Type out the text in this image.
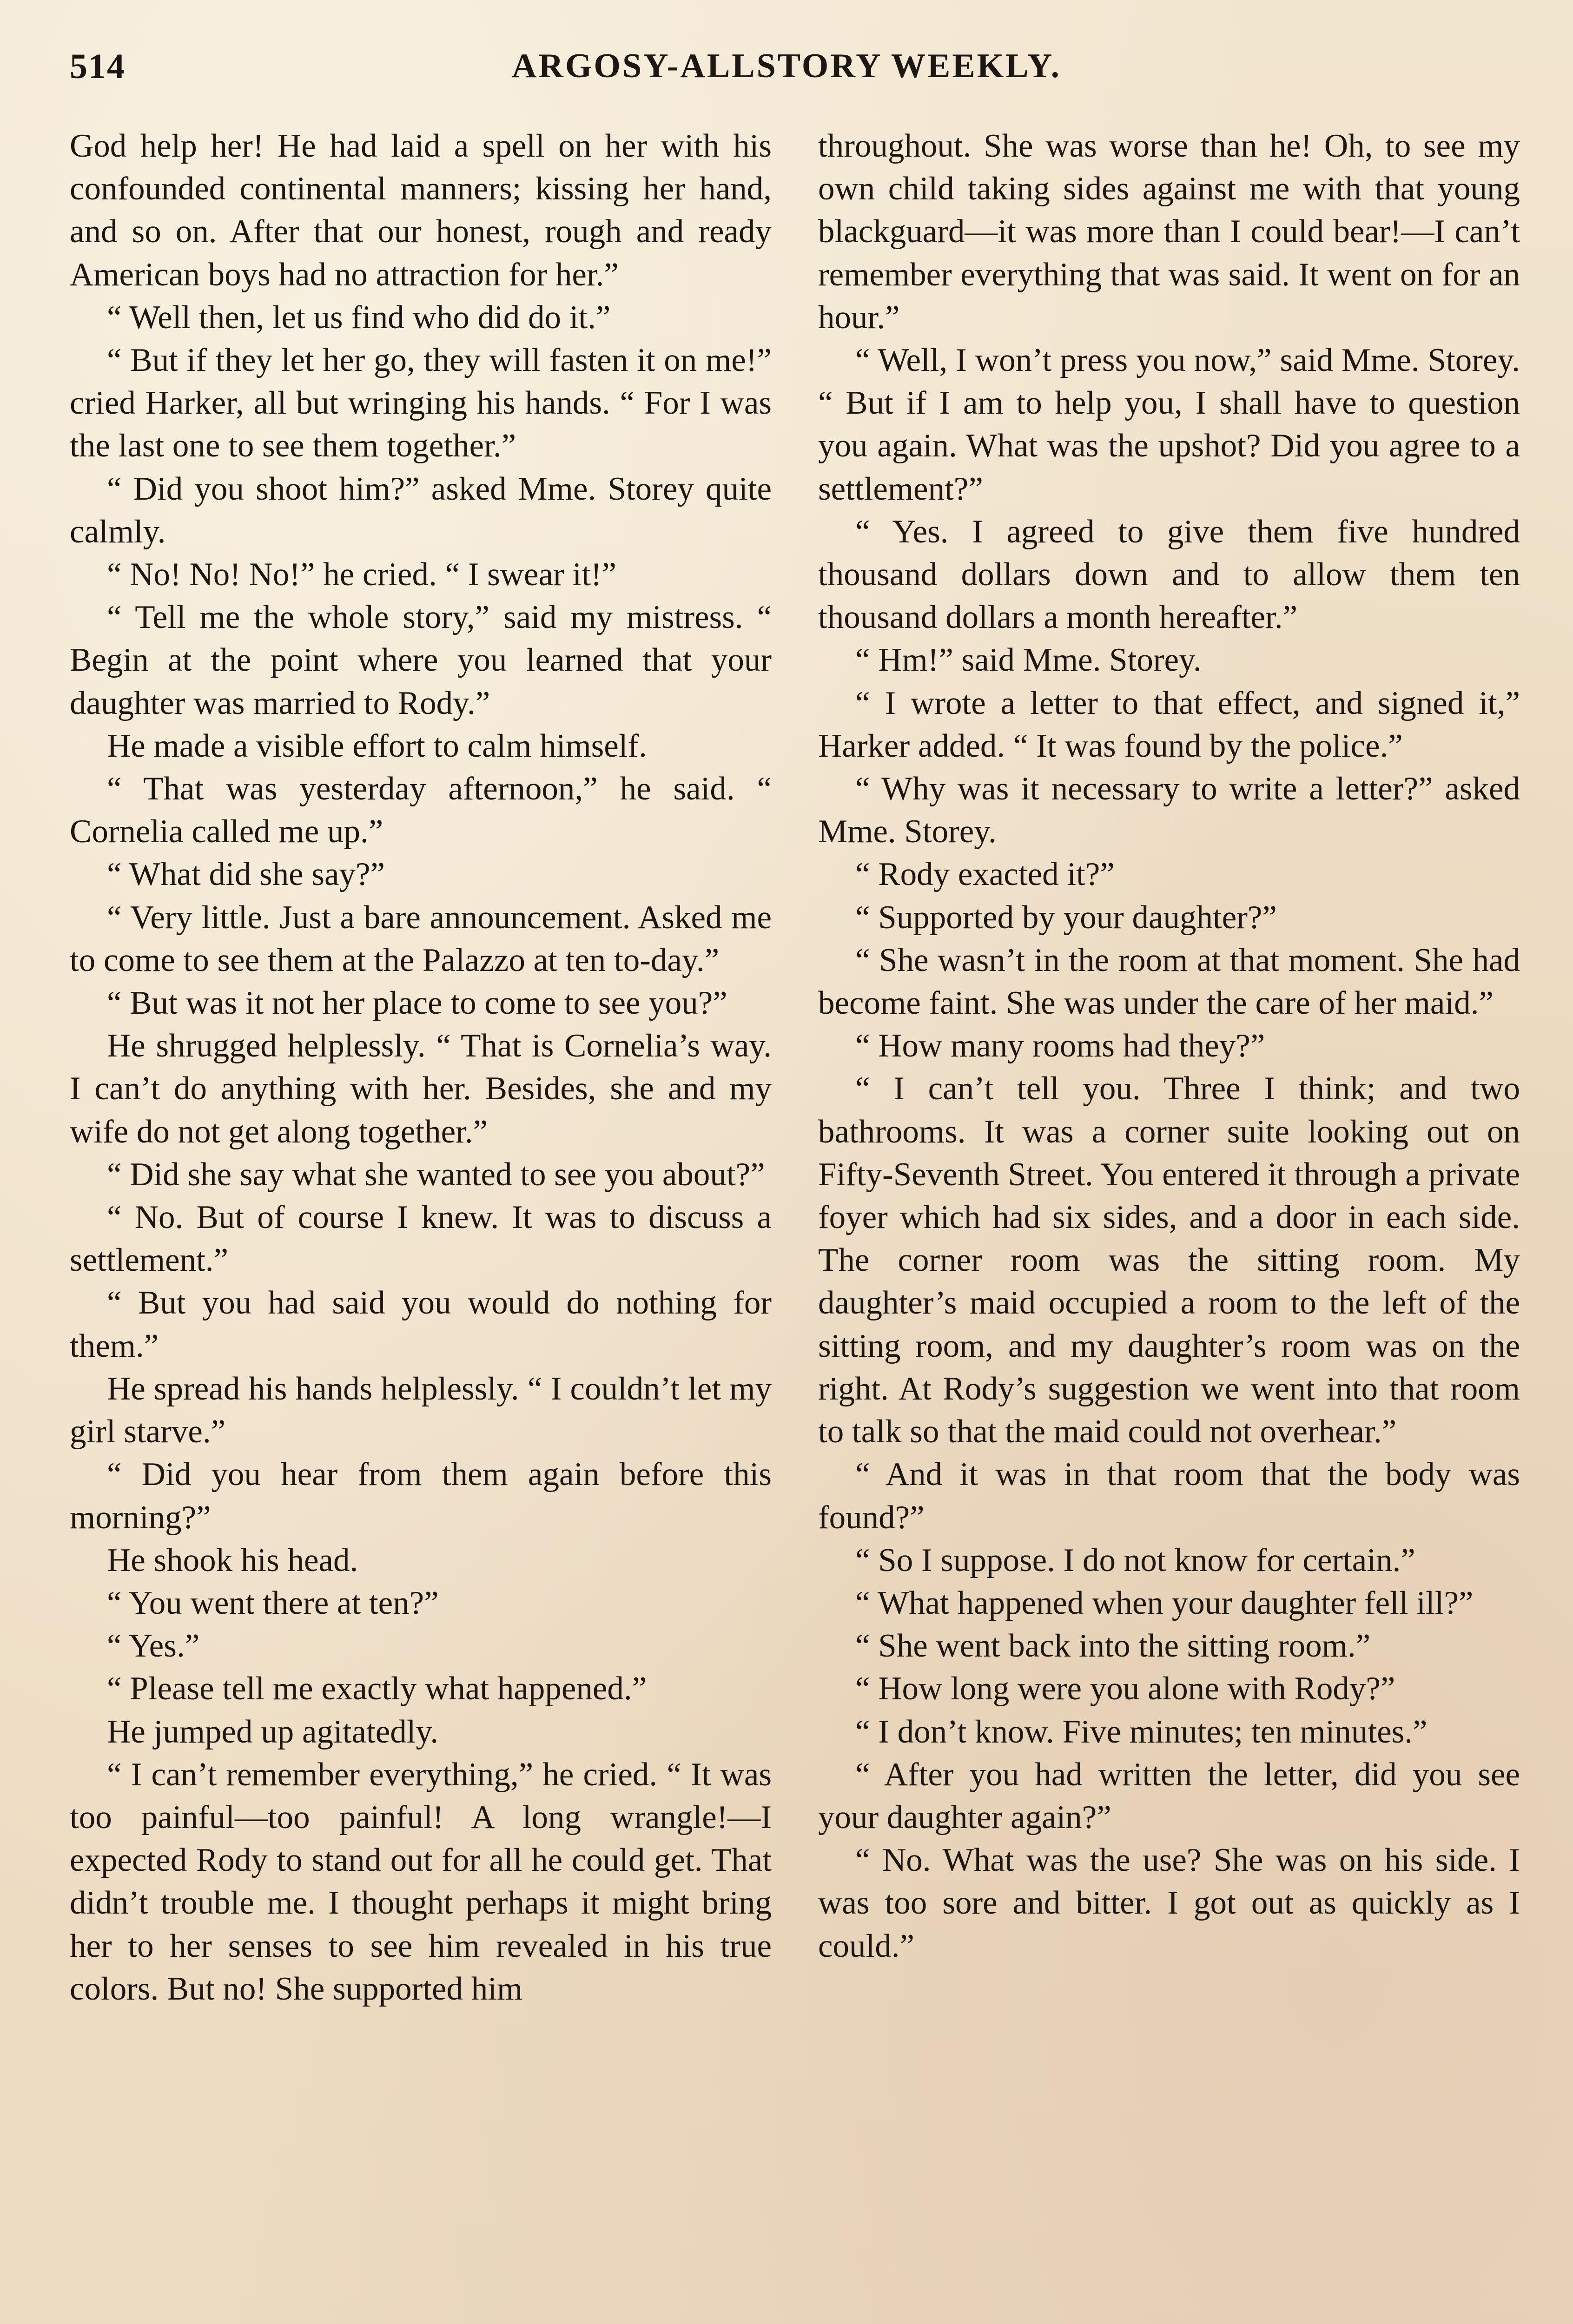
514	ARGOSY-ALLSTORY WEEKLY.

God help her! He had laid a spell on her with his confounded continental manners; kissing her hand, and so on. After that our honest, rough and ready American boys had no attraction for her.”

“ Well then, let us find who did do it.”

“ But if they let her go, they will fasten it on me!” cried Harker, all but wringing his hands. “ For I was the last one to see them together.”

“ Did you shoot him?” asked Mme. Storey quite calmly.

“ No! No! No!” he cried. “ I swear it!”

“ Tell me the whole story,” said my mistress. “ Begin at the point where you learned that your daughter was married to Rody.”

He made a visible effort to calm himself.

“ That was yesterday afternoon,” he said. “ Cornelia called me up.”

“ What did she say?”

“ Very little. Just a bare announcement. Asked me to come to see them at the Palazzo at ten to-day.”

“ But was it not her place to come to see you?”

He shrugged helplessly. “ That is Cornelia’s way. I can’t do anything with her. Besides, she and my wife do not get along together.”

“ Did she say what she wanted to see you about?”

“ No. But of course I knew. It was to discuss a settlement.”

“ But you had said you would do nothing for them.”

He spread his hands helplessly. “ I couldn’t let my girl starve.”

“ Did you hear from them again before this morning?”

He shook his head.

“ You went there at ten?”

“ Yes.”

“ Please tell me exactly what happened.”

He jumped up agitatedly.

“ I can’t remember everything,” he cried. “ It was too painful—too painful! A long wrangle!—I expected Rody to stand out for all he could get. That didn’t trouble me. I thought perhaps it might bring her to her senses to see him revealed in his true colors. But no! She supported him

throughout. She was worse than he! Oh, to see my own child taking sides against me with that young blackguard—it was more than I could bear!—I can’t remember everything that was said. It went on for an hour.”

“ Well, I won’t press you now,” said Mme. Storey. “ But if I am to help you, I shall have to question you again. What was the upshot? Did you agree to a settlement?”

“ Yes. I agreed to give them five hundred thousand dollars down and to allow them ten thousand dollars a month hereafter.”

“ Hm!” said Mme. Storey.

“ I wrote a letter to that effect, and signed it,” Harker added. “ It was found by the police.”

“ Why was it necessary to write a letter?” asked Mme. Storey.

“ Rody exacted it?”

“ Supported by your daughter?”

“ She wasn’t in the room at that moment. She had become faint. She was under the care of her maid.”

“ How many rooms had they?”

“ I can’t tell you. Three I think; and two bathrooms. It was a corner suite looking out on Fifty-Seventh Street. You entered it through a private foyer which had six sides, and a door in each side. The corner room was the sitting room. My daughter’s maid occupied a room to the left of the sitting room, and my daughter’s room was on the right. At Rody’s suggestion we went into that room to talk so that the maid could not overhear.”

“ And it was in that room that the body was found?”

“ So I suppose. I do not know for certain.”

“ What happened when your daughter fell ill?”

“ She went back into the sitting room.”

“ How long were you alone with Rody?”

“ I don’t know. Five minutes; ten minutes.”

“ After you had written the letter, did you see your daughter again?”

“ No. What was the use? She was on his side. I was too sore and bitter. I got out as quickly as I could.”
